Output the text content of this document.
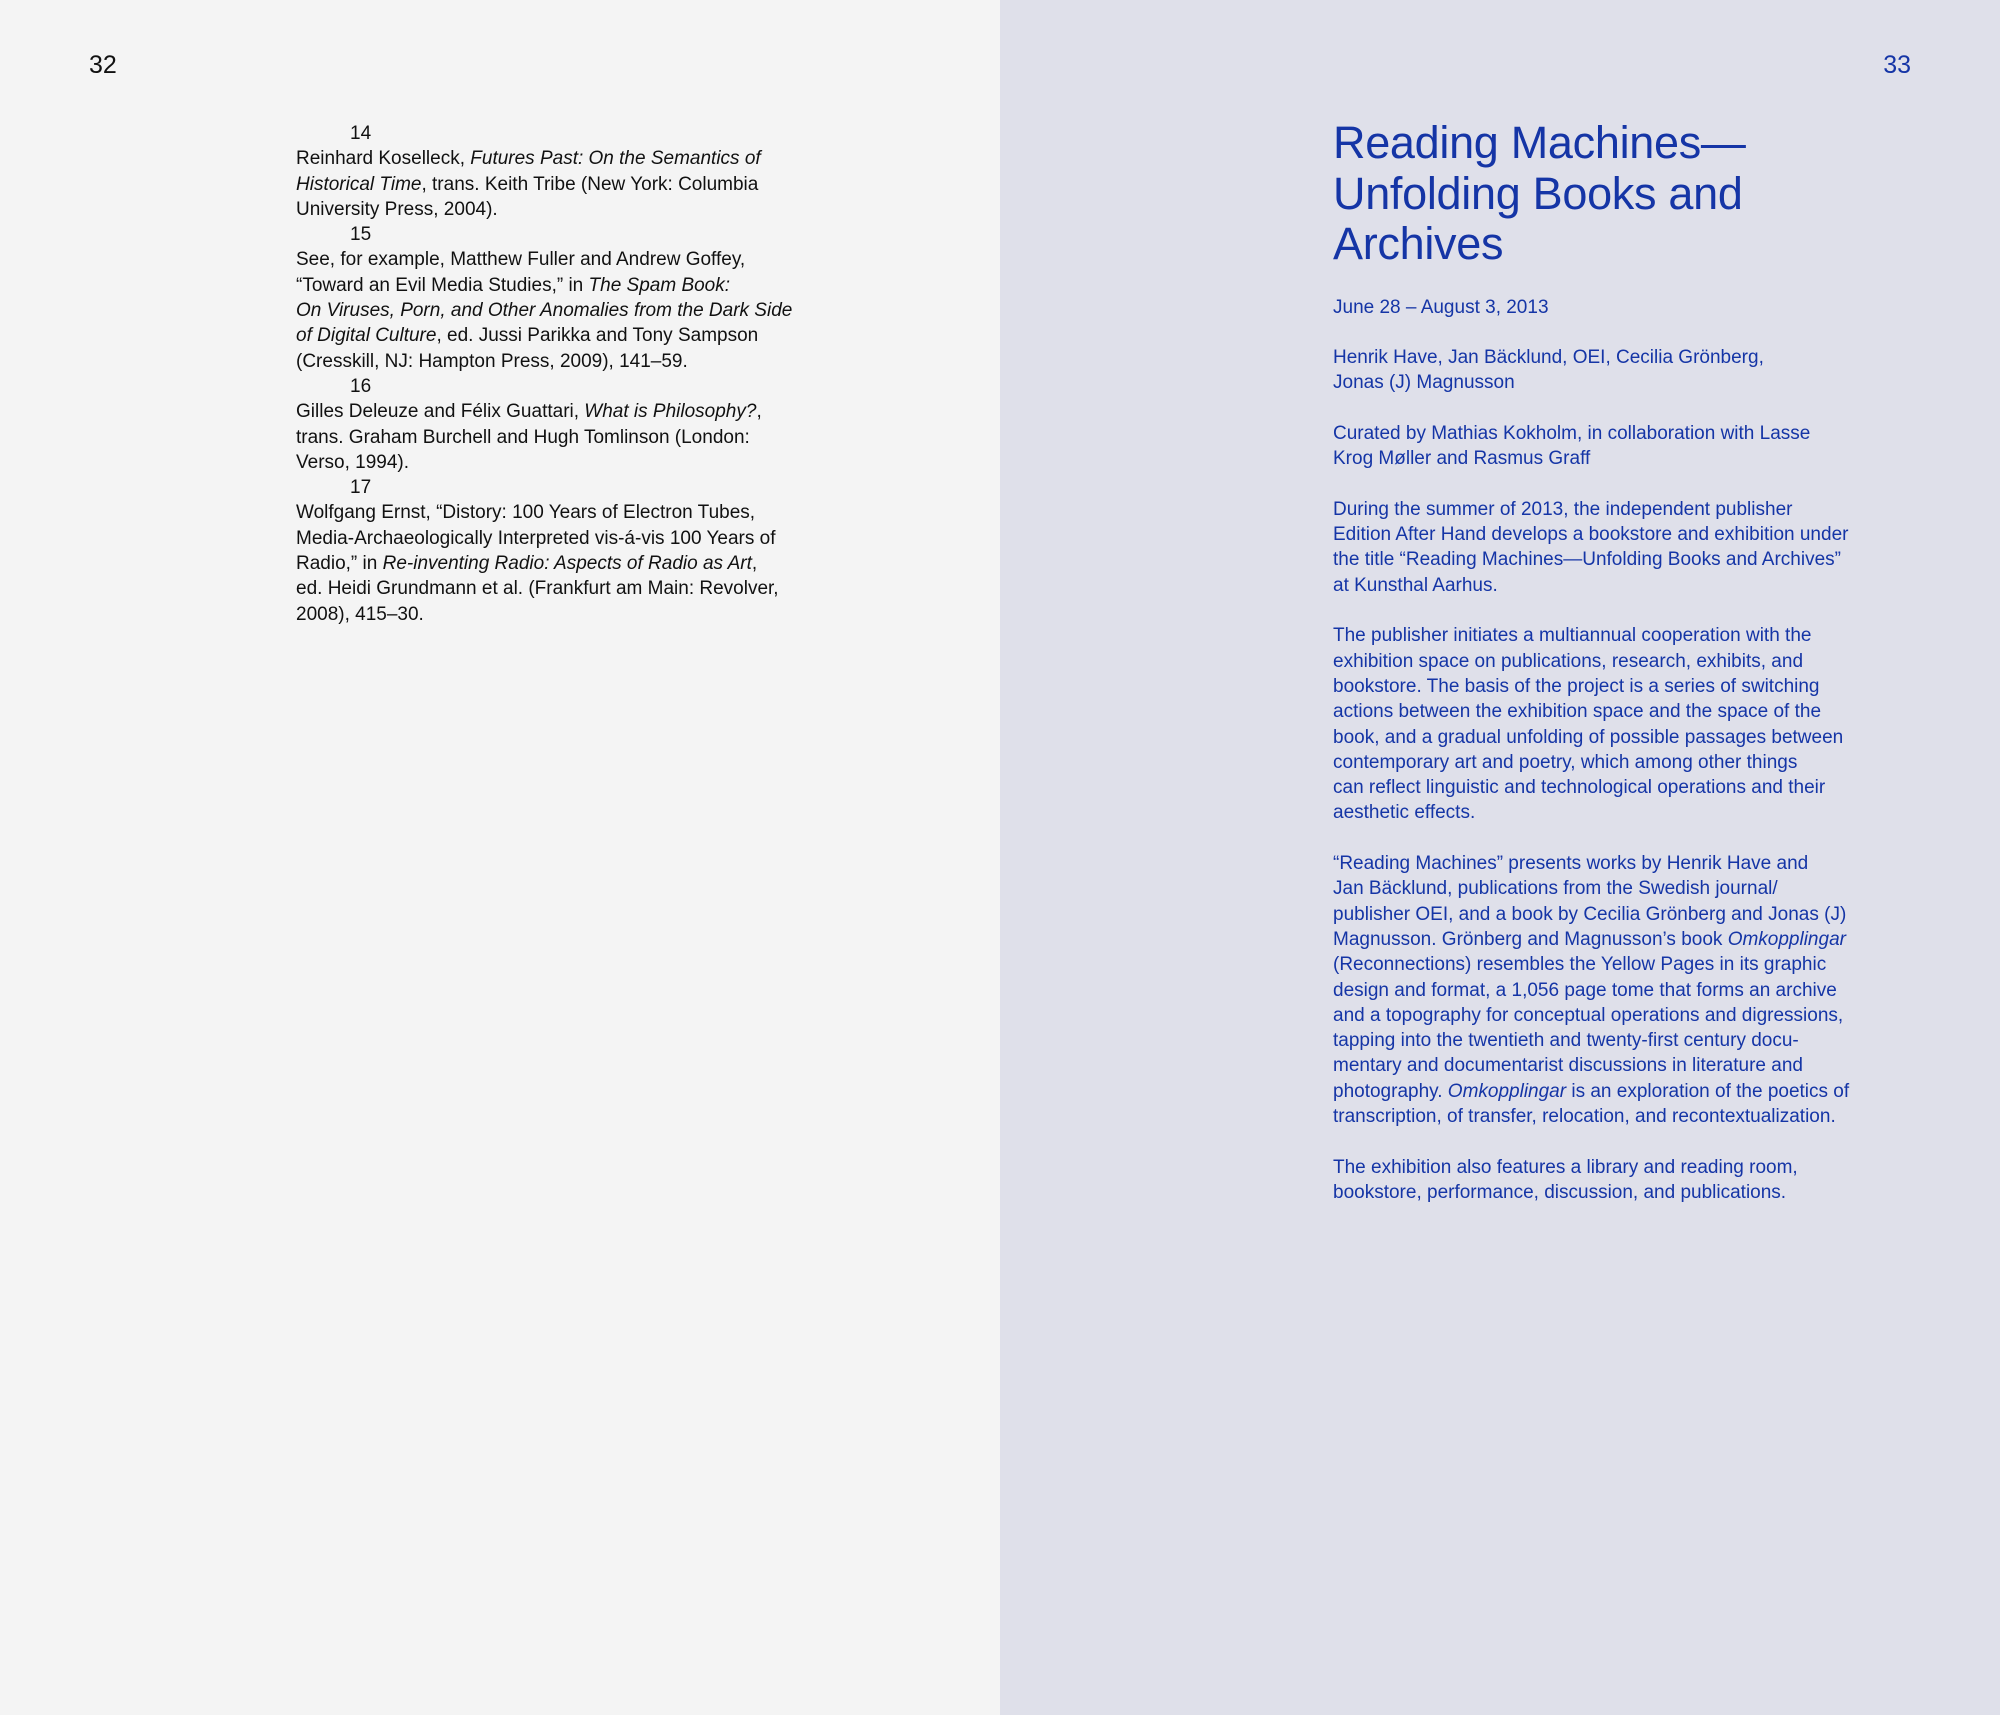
32

14
Reinhard Koselleck, Futures Past: On the Semantics of
Historical Time, trans. Keith Tribe (New York: Columbia
University Press, 2004).
15
See, for example, Matthew Fuller and Andrew Goffey,
“Toward an Evil Media Studies,” in The Spam Book:
On Viruses, Porn, and Other Anomalies from the Dark Side
of Digital Culture, ed. Jussi Parikka and Tony Sampson
(Cresskill, NJ: Hampton Press, 2009), 141–59.
16
Gilles Deleuze and Félix Guattari, What is Philosophy?,
trans. Graham Burchell and Hugh Tomlinson (London:
Verso, 1994).
17
Wolfgang Ernst, “Distory: 100 Years of Electron Tubes,
Media-Archaeologically Interpreted vis-á-vis 100 Years of
Radio,” in Re-inventing Radio: Aspects of Radio as Art,
ed. Heidi Grundmann et al. (Frankfurt am Main: Revolver,
2008), 415–30.

33

Reading Machines—
Unfolding Books and
Archives

June 28 – August 3, 2013

Henrik Have, Jan Bäcklund, OEI, Cecilia Grönberg,
Jonas (J) Magnusson

Curated by Mathias Kokholm, in collaboration with Lasse
Krog Møller and Rasmus Graff

During the summer of 2013, the independent publisher
Edition After Hand develops a bookstore and exhibition under
the title “Reading Machines—Unfolding Books and Archives”
at Kunsthal Aarhus.

The publisher initiates a multiannual cooperation with the
exhibition space on publications, research, exhibits, and
bookstore. The basis of the project is a series of switching
actions between the exhibition space and the space of the
book, and a gradual unfolding of possible passages between
contemporary art and poetry, which among other things
can reflect linguistic and technological operations and their
aesthetic effects.

“Reading Machines” presents works by Henrik Have and
Jan Bäcklund, publications from the Swedish journal/
publisher OEI, and a book by Cecilia Grönberg and Jonas (J)
Magnusson. Grönberg and Magnusson’s book Omkopplingar
(Reconnections) resembles the Yellow Pages in its graphic
design and format, a 1,056 page tome that forms an archive
and a topography for conceptual operations and digressions,
tapping into the twentieth and twenty-first century docu-
mentary and documentarist discussions in literature and
photography. Omkopplingar is an exploration of the poetics of
transcription, of transfer, relocation, and recontextualization.

The exhibition also features a library and reading room,
bookstore, performance, discussion, and publications.
